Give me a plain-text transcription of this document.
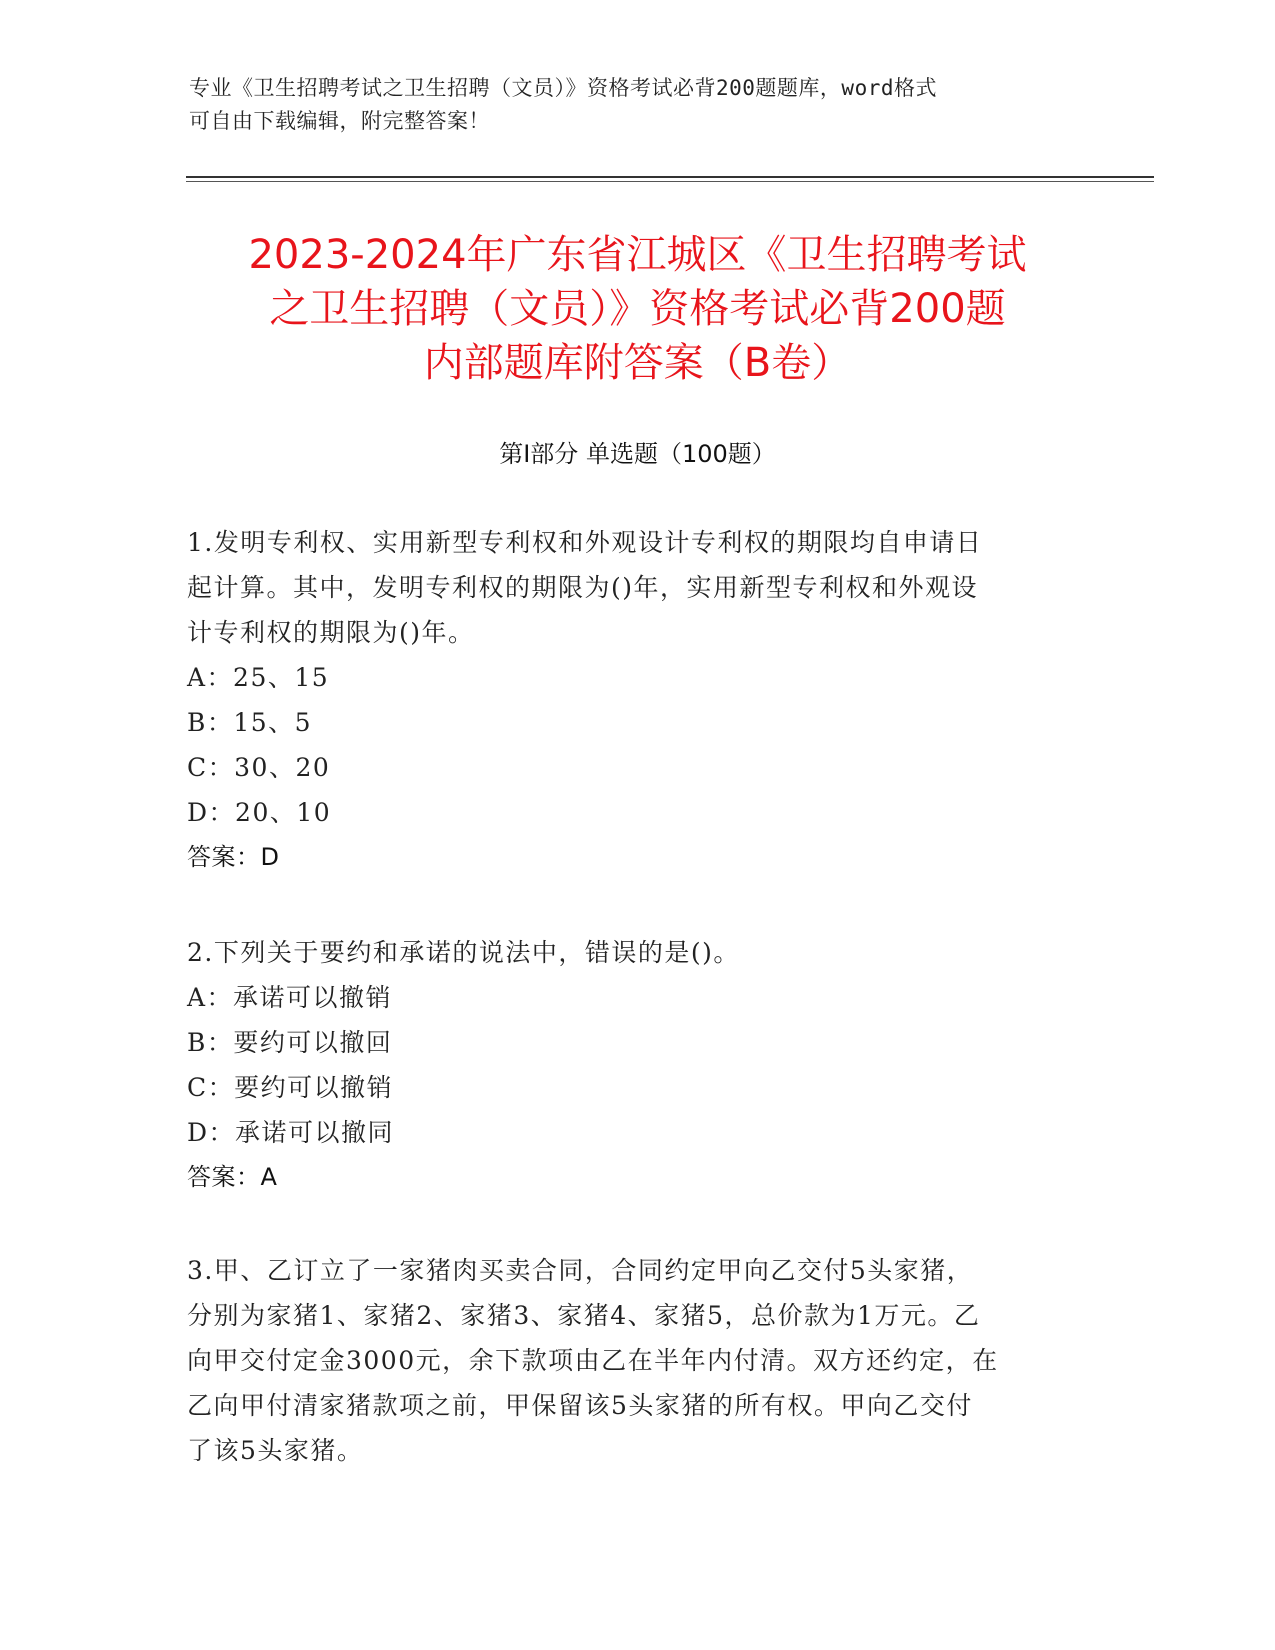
专业《卫生招聘考试之卫生招聘（文员）》资格考试必背200题题库，word格式
可自由下载编辑，附完整答案！
2023-2024年广东省江城区《卫生招聘考试
之卫生招聘（文员）》资格考试必背200题
内部题库附答案（B卷）
第I部分 单选题（100题）
1.发明专利权、实用新型专利权和外观设计专利权的期限均自申请日
起计算。其中，发明专利权的期限为()年，实用新型专利权和外观设
计专利权的期限为()年。
A：25、15
B：15、5
C：30、20
D：20、10
答案：D
2.下列关于要约和承诺的说法中，错误的是()。
A：承诺可以撤销
B：要约可以撤回
C：要约可以撤销
D：承诺可以撤同
答案：A
3.甲、乙订立了一家猪肉买卖合同，合同约定甲向乙交付5头家猪，
分别为家猪1、家猪2、家猪3、家猪4、家猪5，总价款为1万元。乙
向甲交付定金3000元，余下款项由乙在半年内付清。双方还约定，在
乙向甲付清家猪款项之前，甲保留该5头家猪的所有权。甲向乙交付
了该5头家猪。
